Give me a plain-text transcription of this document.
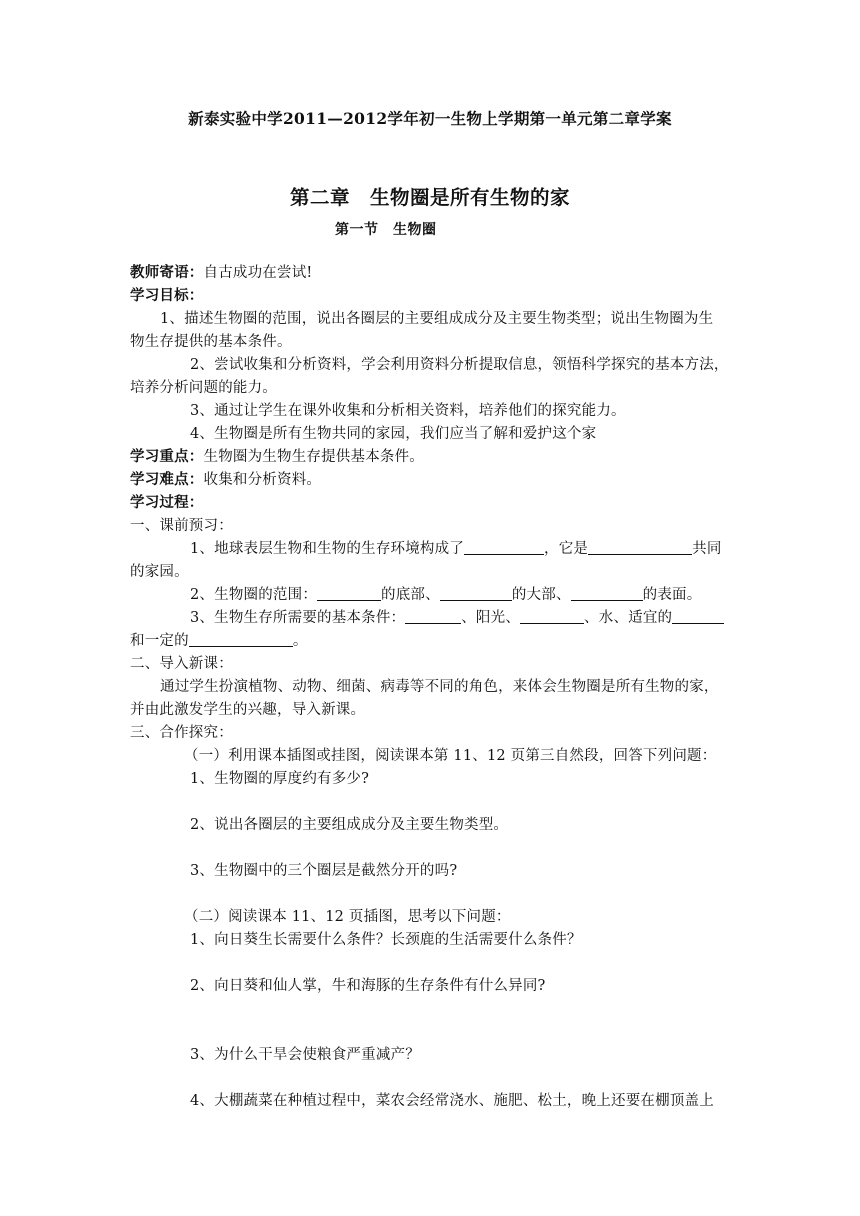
新泰实验中学2011—2012学年初一生物上学期第一单元第二章学案
第二章　生物圈是所有生物的家
第一节　生物圈
教师寄语：自古成功在尝试!
学习目标：
1、描述生物圈的范围，说出各圈层的主要组成成分及主要生物类型；说出生物圈为生
物生存提供的基本条件。
2、尝试收集和分析资料，学会利用资料分析提取信息，领悟科学探究的基本方法，
培养分析问题的能力。
3、通过让学生在课外收集和分析相关资料，培养他们的探究能力。
4、生物圈是所有生物共同的家园，我们应当了解和爱护这个家
学习重点：生物圈为生物生存提供基本条件。
学习难点：收集和分析资料。
学习过程：
一、课前预习：
1、地球表层生物和生物的生存环境构成了	，它是	共同
的家园。
2、生物圈的范围：	的底部、	的大部、	的表面。
3、生物生存所需要的基本条件：	、阳光、	、水、适宜的
和一定的	。
二、导入新课：
通过学生扮演植物、动物、细菌、病毒等不同的角色，来体会生物圈是所有生物的家，
并由此激发学生的兴趣，导入新课。
三、合作探究：
（一）利用课本插图或挂图，阅读课本第 11、12 页第三自然段，回答下列问题：
1、生物圈的厚度约有多少?
2、说出各圈层的主要组成成分及主要生物类型。
3、生物圈中的三个圈层是截然分开的吗?
（二）阅读课本 11、12 页插图，思考以下问题：
1、向日葵生长需要什么条件？长颈鹿的生活需要什么条件？
2、向日葵和仙人掌，牛和海豚的生存条件有什么异同?
3、为什么干旱会使粮食严重减产？
4、大棚蔬菜在种植过程中，菜农会经常浇水、施肥、松土，晚上还要在棚顶盖上
